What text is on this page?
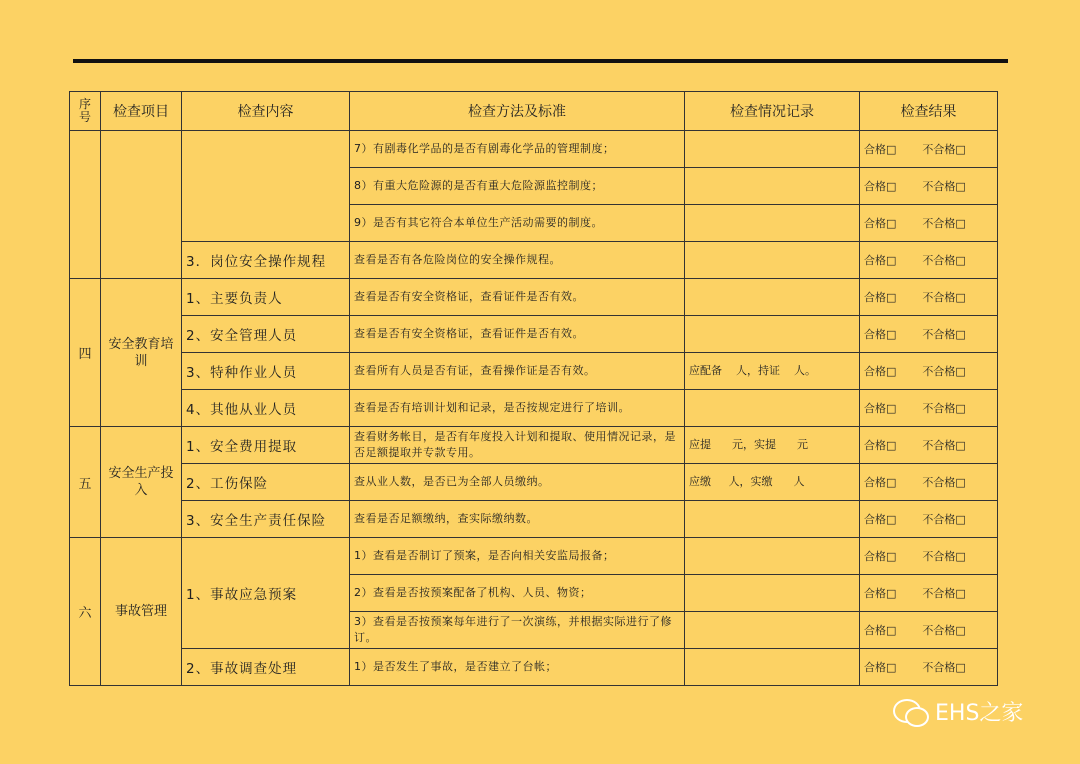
序号	检查项目	检查内容	检查方法及标准	检查情况记录	检查结果
			7）有剧毒化学品的是否有剧毒化学品的管理制度；		合格□ 不合格□
			8）有重大危险源的是否有重大危险源监控制度；		合格□ 不合格□
			9）是否有其它符合本单位生产活动需要的制度。		合格□ 不合格□
		3．岗位安全操作规程	查看是否有各危险岗位的安全操作规程。		合格□ 不合格□
四	安全教育培训	1、主要负责人	查看是否有安全资格证，查看证件是否有效。		合格□ 不合格□
		2、安全管理人员	查看是否有安全资格证，查看证件是否有效。		合格□ 不合格□
		3、特种作业人员	查看所有人员是否有证，查看操作证是否有效。	应配备    人，持证    人。	合格□ 不合格□
		4、其他从业人员	查看是否有培训计划和记录，是否按规定进行了培训。		合格□ 不合格□
五	安全生产投入	1、安全费用提取	查看财务帐目，是否有年度投入计划和提取、使用情况记录，是否足额提取并专款专用。	应提      元，实提      元	合格□ 不合格□
		2、工伤保险	查从业人数，是否已为全部人员缴纳。	应缴     人，实缴      人	合格□ 不合格□
		3、安全生产责任保险	查看是否足额缴纳，查实际缴纳数。		合格□ 不合格□
六	事故管理	1、事故应急预案	1）查看是否制订了预案，是否向相关安监局报备；		合格□ 不合格□
			2）查看是否按预案配备了机构、人员、物资；		合格□ 不合格□
			3）查看是否按预案每年进行了一次演练，并根据实际进行了修订。		合格□ 不合格□
		2、事故调查处理	1）是否发生了事故，是否建立了台帐；		合格□ 不合格□
EHS之家
